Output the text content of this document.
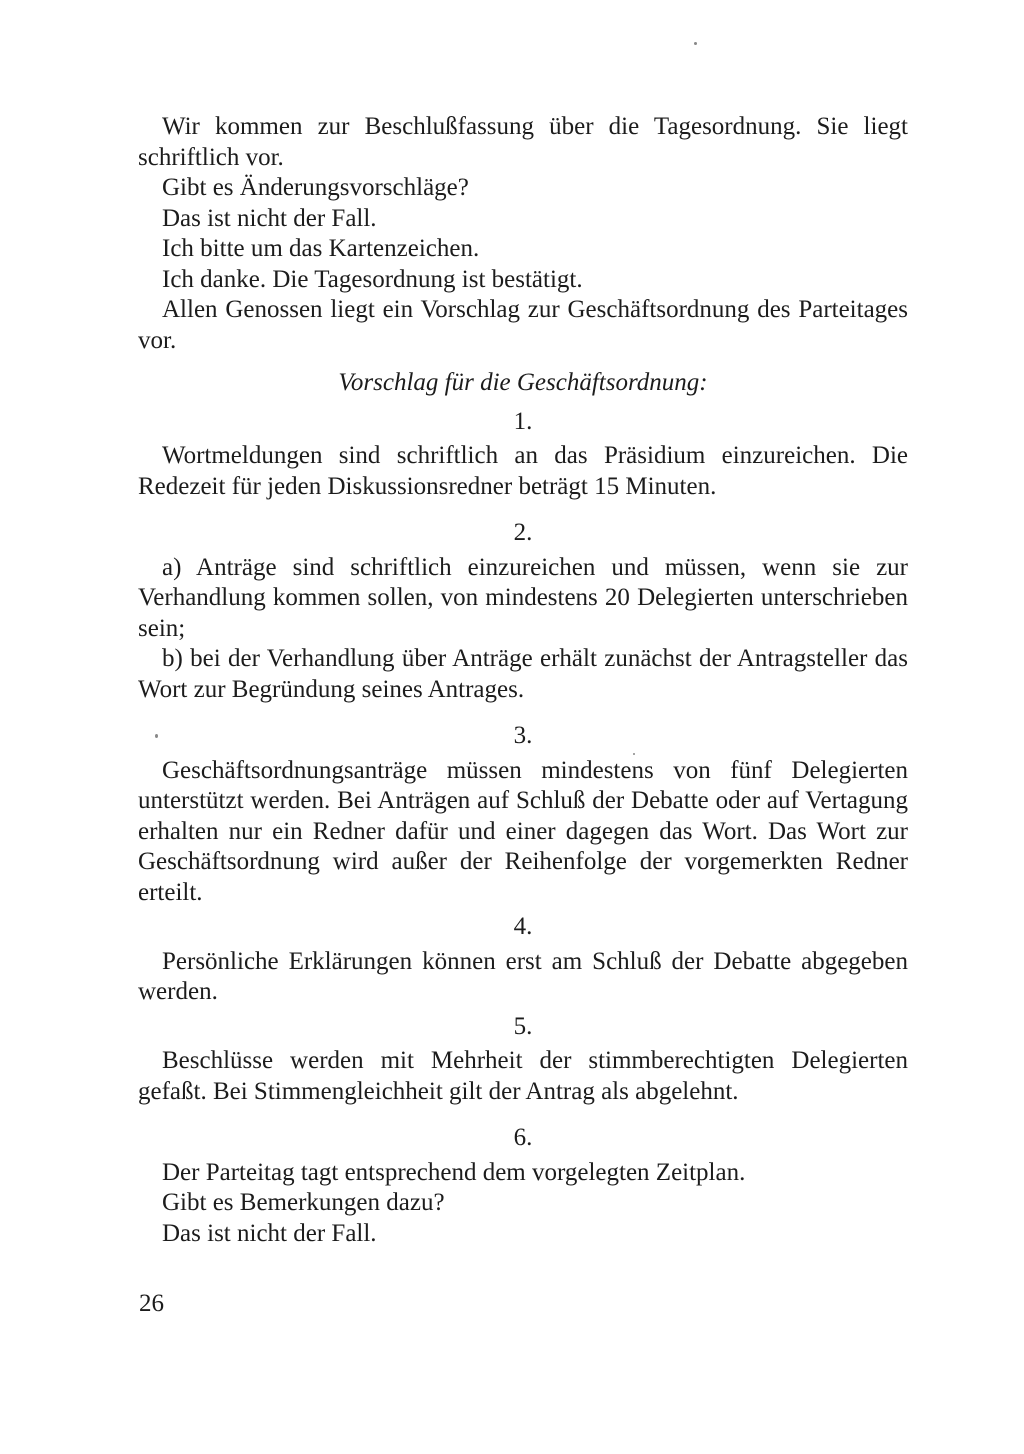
Wir kommen zur Beschlußfassung über die Tagesordnung. Sie liegt schriftlich vor.

Gibt es Änderungsvorschläge?

Das ist nicht der Fall.

Ich bitte um das Kartenzeichen.

Ich danke. Die Tagesordnung ist bestätigt.

Allen Genossen liegt ein Vorschlag zur Geschäftsordnung des Parteitages vor.

Vorschlag für die Geschäftsordnung:

1.

Wortmeldungen sind schriftlich an das Präsidium einzureichen. Die Redezeit für jeden Diskussionsredner beträgt 15 Minuten.

2.

a) Anträge sind schriftlich einzureichen und müssen, wenn sie zur Verhandlung kommen sollen, von mindestens 20 Delegierten unterschrieben sein;

b) bei der Verhandlung über Anträge erhält zunächst der Antragsteller das Wort zur Begründung seines Antrages.

3.

Geschäftsordnungsanträge müssen mindestens von fünf Delegierten unterstützt werden. Bei Anträgen auf Schluß der Debatte oder auf Vertagung erhalten nur ein Redner dafür und einer dagegen das Wort. Das Wort zur Geschäftsordnung wird außer der Reihenfolge der vorgemerkten Redner erteilt.

4.

Persönliche Erklärungen können erst am Schluß der Debatte abgegeben werden.

5.

Beschlüsse werden mit Mehrheit der stimmberechtigten Delegierten gefaßt. Bei Stimmengleichheit gilt der Antrag als abgelehnt.

6.

Der Parteitag tagt entsprechend dem vorgelegten Zeitplan.

Gibt es Bemerkungen dazu?

Das ist nicht der Fall.

26
